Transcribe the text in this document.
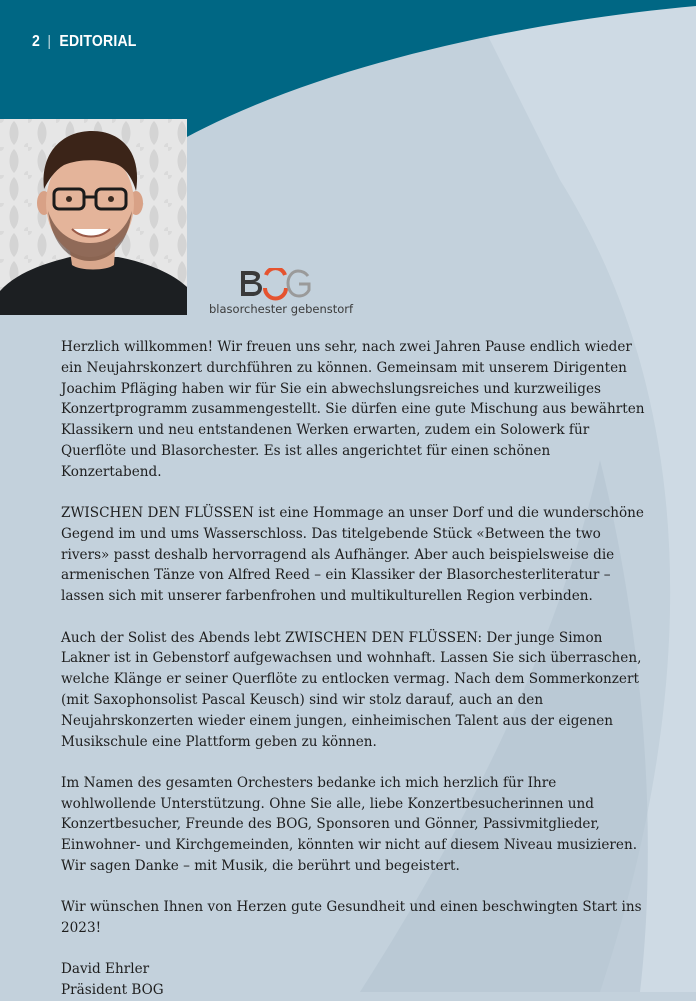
2 EDITORIAL
blasorchester gebenstorf

Herzlich willkommen! Wir freuen uns sehr, nach zwei Jahren Pause endlich wieder ein Neujahrskonzert durchführen zu können. Gemeinsam mit unserem Dirigenten Joachim Pfläging haben wir für Sie ein abwechslungsreiches und kurzweiliges Konzertprogramm zusammengestellt. Sie dürfen eine gute Mischung aus bewährten Klassikern und neu entstandenen Werken erwarten, zudem ein Solowerk für Querflöte und Blasorchester. Es ist alles angerichtet für einen schönen Konzertabend.

ZWISCHEN DEN FLÜSSEN ist eine Hommage an unser Dorf und die wunderschöne Gegend im und ums Wasserschloss. Das titelgebende Stück «Between the two rivers» passt deshalb hervorragend als Aufhänger. Aber auch beispielsweise die armenischen Tänze von Alfred Reed – ein Klassiker der Blasorchesterliteratur – lassen sich mit unserer farbenfrohen und multikulturellen Region verbinden.

Auch der Solist des Abends lebt ZWISCHEN DEN FLÜSSEN: Der junge Simon Lakner ist in Gebenstorf aufgewachsen und wohnhaft. Lassen Sie sich überraschen, welche Klänge er seiner Querflöte zu entlocken vermag. Nach dem Sommerkonzert (mit Saxophonsolist Pascal Keusch) sind wir stolz darauf, auch an den Neujahrskonzerten wieder einem jungen, einheimischen Talent aus der eigenen Musikschule eine Plattform geben zu können.

Im Namen des gesamten Orchesters bedanke ich mich herzlich für Ihre wohlwollende Unterstützung. Ohne Sie alle, liebe Konzertbesucherinnen und Konzertbesucher, Freunde des BOG, Sponsoren und Gönner, Passivmitglieder, Einwohner- und Kirchgemeinden, könnten wir nicht auf diesem Niveau musizieren. Wir sagen Danke – mit Musik, die berührt und begeistert.

Wir wünschen Ihnen von Herzen gute Gesundheit und einen beschwingten Start ins 2023!

David Ehrler

Präsident BOG
